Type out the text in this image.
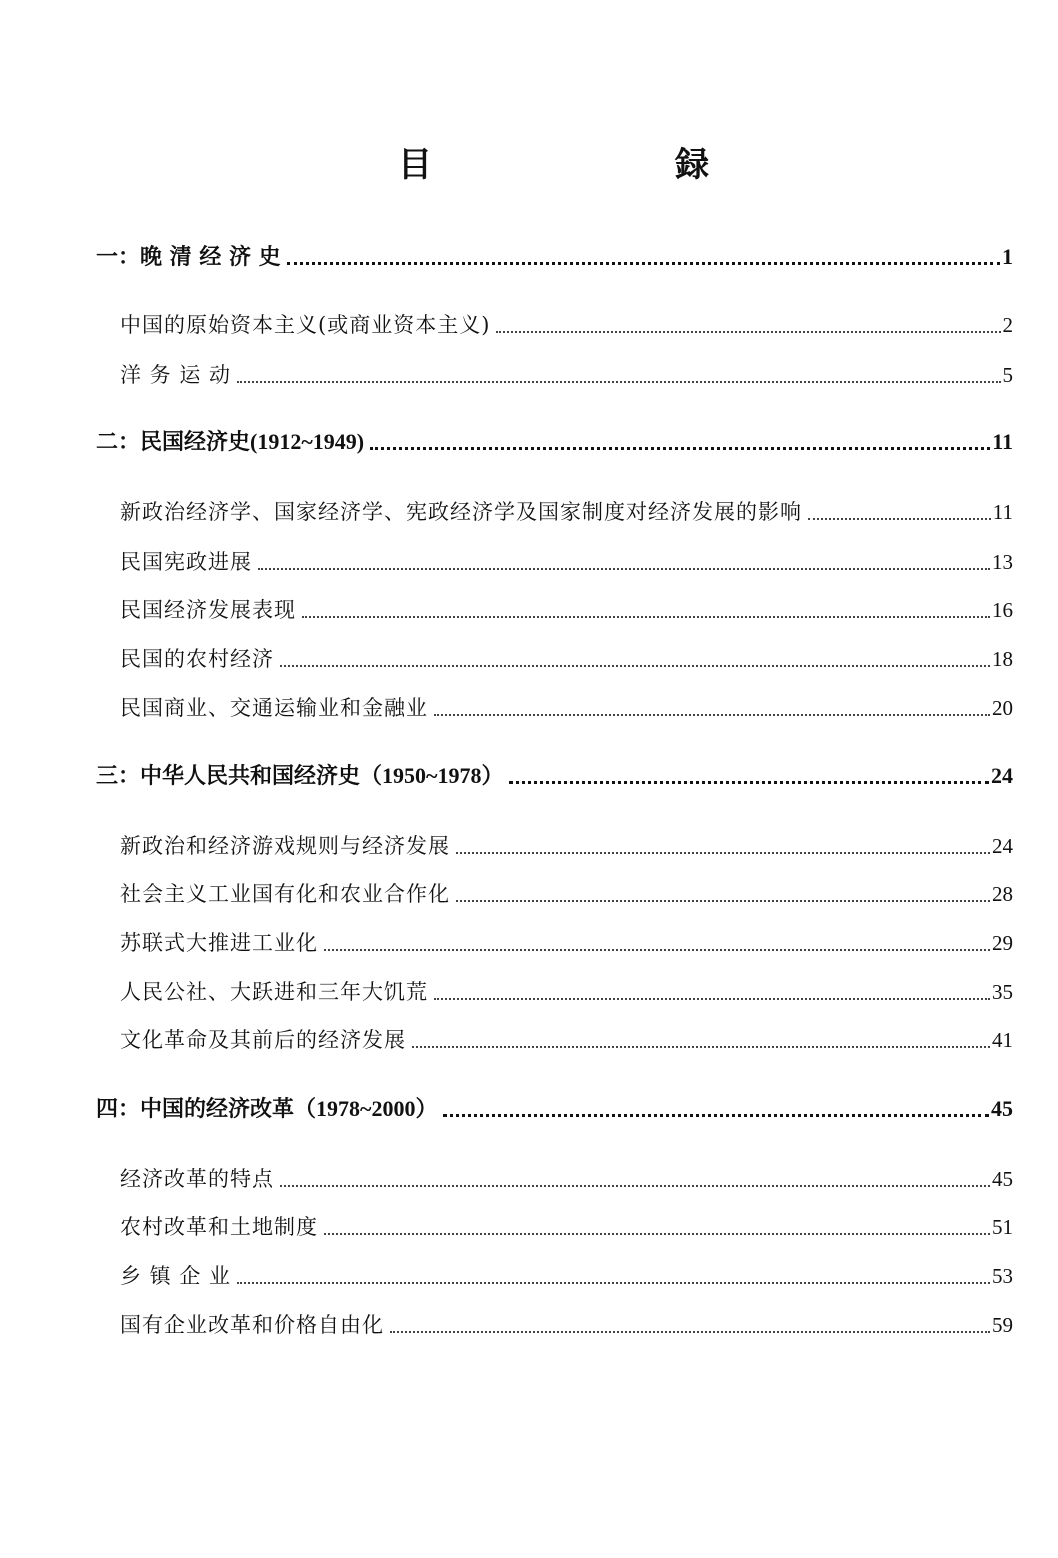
目	録
一：晚 清 经 济 史	1
中国的原始资本主义(或商业资本主义)	2
洋 务 运 动	5
二：民国经济史(1912~1949)	11
新政治经济学、国家经济学、宪政经济学及国家制度对经济发展的影响	11
民国宪政进展	13
民国经济发展表现	16
民国的农村经济	18
民国商业、交通运输业和金融业	20
三：中华人民共和国经济史（1950~1978）	24
新政治和经济游戏规则与经济发展	24
社会主义工业国有化和农业合作化	28
苏联式大推进工业化	29
人民公社、大跃进和三年大饥荒	35
文化革命及其前后的经济发展	41
四：中国的经济改革（1978~2000）	45
经济改革的特点	45
农村改革和土地制度	51
乡 镇 企 业	53
国有企业改革和价格自由化	59
